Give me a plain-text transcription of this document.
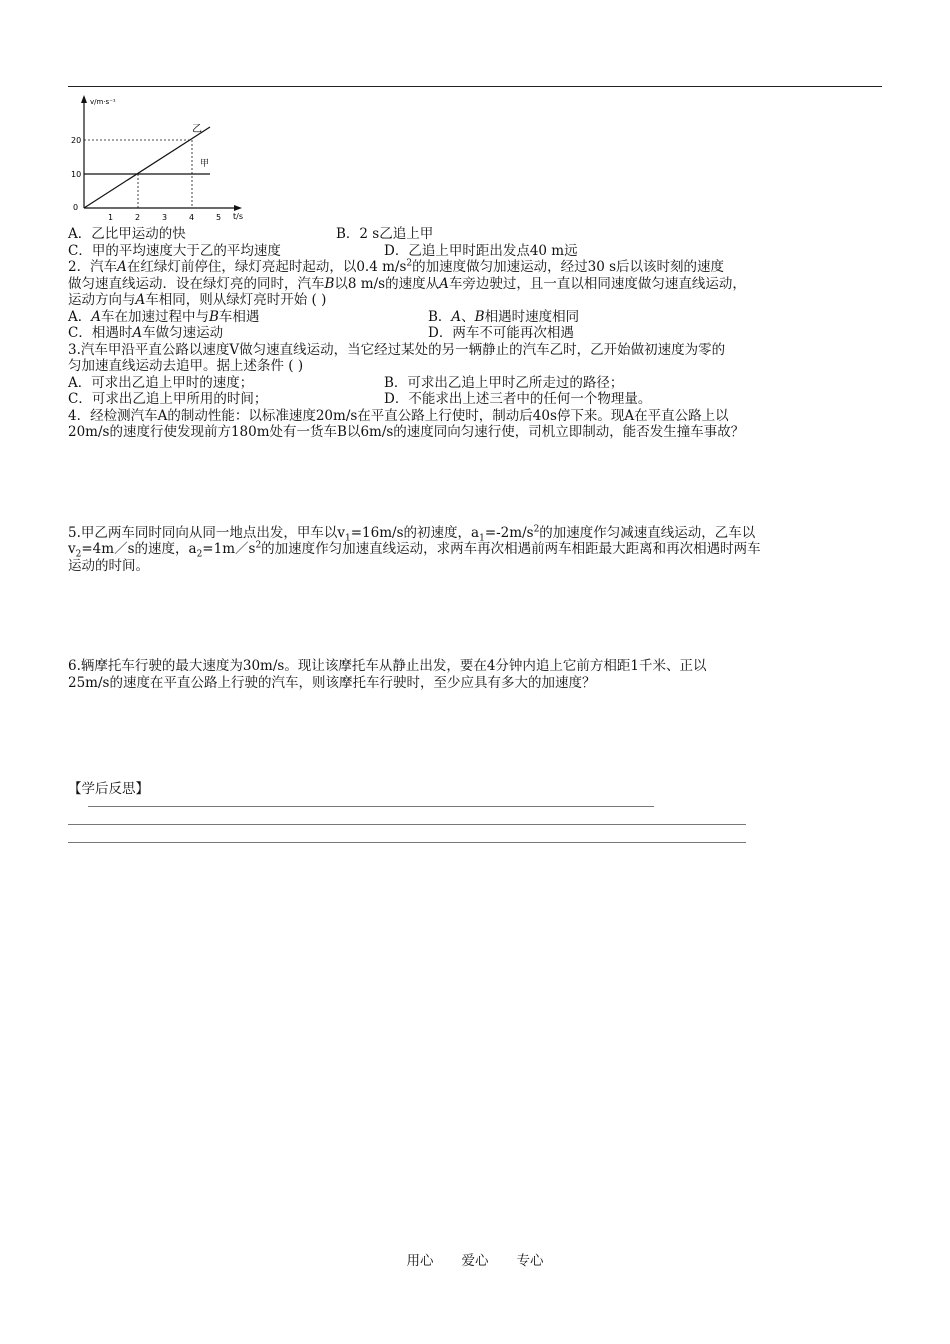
v/m·s⁻¹
t/s
20
10
0
1	2	3	4	5
乙
甲
A．乙比甲运动的快	B．2 s乙追上甲
C．甲的平均速度大于乙的平均速度	D．乙追上甲时距出发点40 m远
2．汽车A在红绿灯前停住，绿灯亮起时起动，以0.4 $m/s^2$的加速度做匀加速运动，经过30 s后以该时刻的速度
做匀速直线运动．设在绿灯亮的同时，汽车B以8 m/s的速度从A车旁边驶过，且一直以相同速度做匀速直线运动，
运动方向与A车相同，则从绿灯亮时开始 ( )
A．A车在加速过程中与B车相遇	B．A、B相遇时速度相同
C．相遇时A车做匀速运动	D．两车不可能再次相遇
3.汽车甲沿平直公路以速度V做匀速直线运动，当它经过某处的另一辆静止的汽车乙时，乙开始做初速度为零的
匀加速直线运动去追甲。据上述条件 ( )
A．可求出乙追上甲时的速度；	B．可求出乙追上甲时乙所走过的路径；
C．可求出乙追上甲所用的时间；	D．不能求出上述三者中的任何一个物理量。
4．经检测汽车A的制动性能：以标准速度20m/s在平直公路上行使时，制动后40s停下来。现A在平直公路上以
20m/s的速度行使发现前方180m处有一货车B以6m/s的速度同向匀速行使，司机立即制动，能否发生撞车事故？
5.甲乙两车同时同向从同一地点出发，甲车以$v_1=16m/s$的初速度，$a_1=-2m/s^2$的加速度作匀减速直线运动，乙车以
$v_2=4m/s$的速度，$a_2=1m/s^2$的加速度作匀加速直线运动，求两车再次相遇前两车相距最大距离和再次相遇时两车
运动的时间。
6.辆摩托车行驶的最大速度为30m/s。现让该摩托车从静止出发，要在4分钟内追上它前方相距1千米、正以
25m/s的速度在平直公路上行驶的汽车，则该摩托车行驶时，至少应具有多大的加速度？
【学后反思】
用心 爱心 专心
